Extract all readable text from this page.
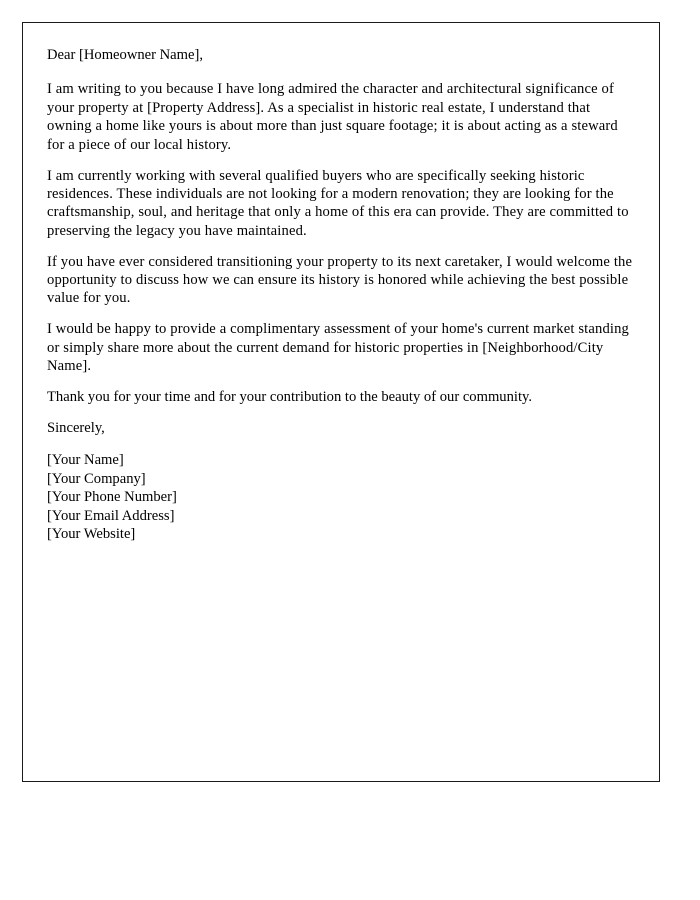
Dear [Homeowner Name],

I am writing to you because I have long admired the character and architectural significance of your property at [Property Address]. As a specialist in historic real estate, I understand that owning a home like yours is about more than just square footage; it is about acting as a steward for a piece of our local history.

I am currently working with several qualified buyers who are specifically seeking historic residences. These individuals are not looking for a modern renovation; they are looking for the craftsmanship, soul, and heritage that only a home of this era can provide. They are committed to preserving the legacy you have maintained.

If you have ever considered transitioning your property to its next caretaker, I would welcome the opportunity to discuss how we can ensure its history is honored while achieving the best possible value for you.

I would be happy to provide a complimentary assessment of your home's current market standing or simply share more about the current demand for historic properties in [Neighborhood/City Name].

Thank you for your time and for your contribution to the beauty of our community.

Sincerely,

[Your Name]

[Your Company]

[Your Phone Number]

[Your Email Address]

[Your Website]
